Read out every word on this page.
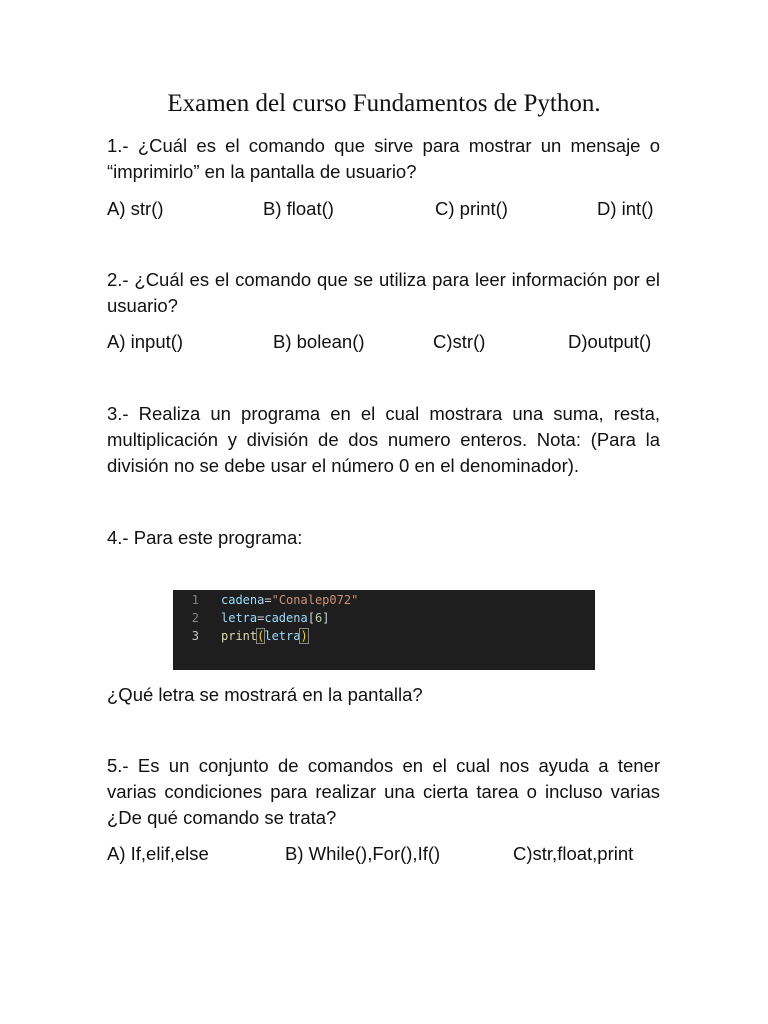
Examen del curso Fundamentos de Python.
1.- ¿Cuál es el comando que sirve para mostrar un mensaje o “imprimirlo” en la pantalla de usuario?
A) str()	B) float()	C) print()	D) int()
2.- ¿Cuál es el comando que se utiliza para leer información por el usuario?
A) input()	B) bolean()	C)str()	D)output()
3.- Realiza un programa en el cual mostrara una suma, resta, multiplicación y división de dos numero enteros. Nota: (Para la división no se debe usar el número 0 en el denominador).
4.- Para este programa:
1 cadena="Conalep072"
2 letra=cadena[6]
3 print(letra)
¿Qué letra se mostrará en la pantalla?
5.- Es un conjunto de comandos en el cual nos ayuda a tener varias condiciones para realizar una cierta tarea o incluso varias ¿De qué comando se trata?
A) If,elif,else	B) While(),For(),If()	C)str,float,print
